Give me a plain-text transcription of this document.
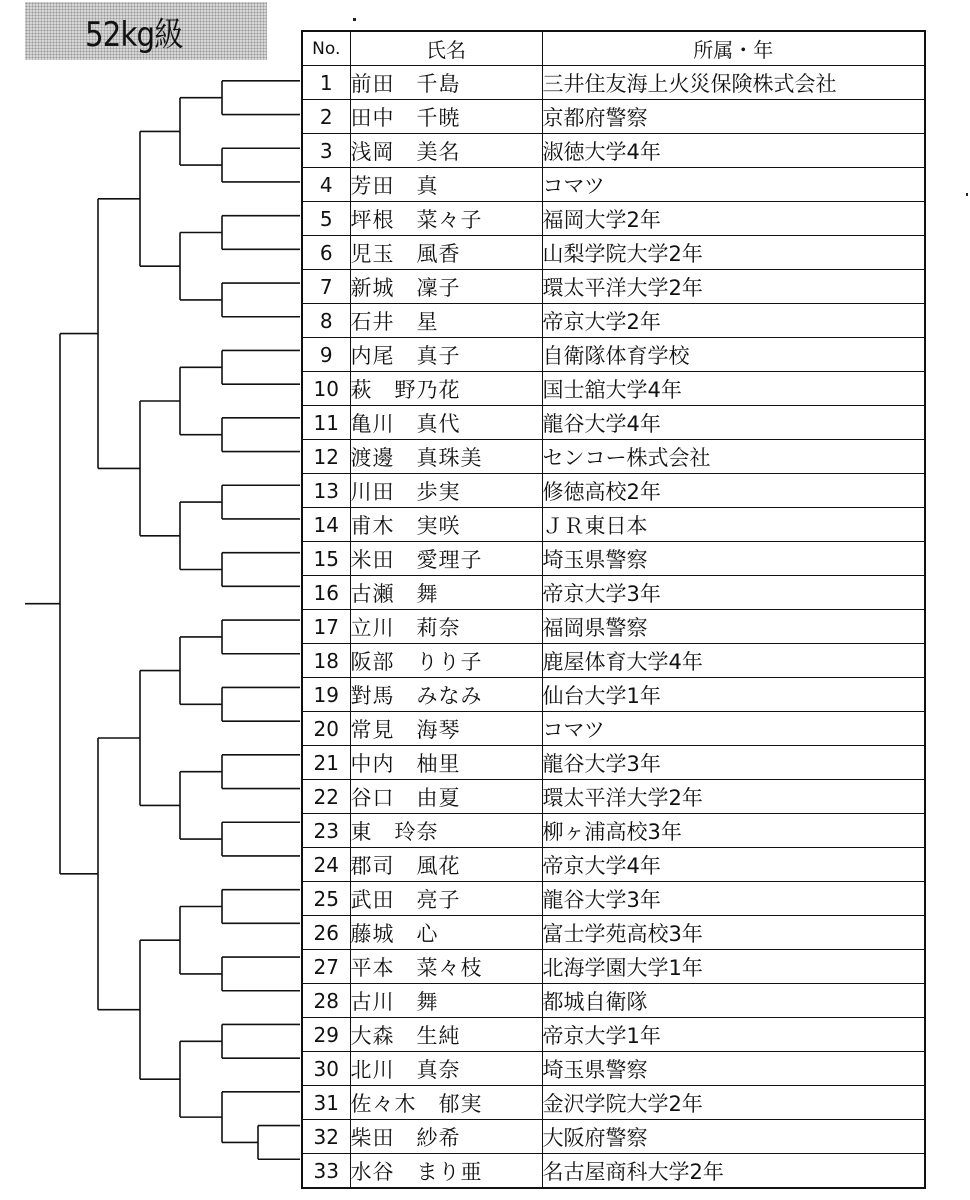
52kg級	No.	氏名	所属・年
1	前田　千島	三井住友海上火災保険株式会社
2	田中　千暁	京都府警察
3	浅岡　美名	淑徳大学4年
4	芳田　真	コマツ
5	坪根　菜々子	福岡大学2年
6	児玉　風香	山梨学院大学2年
7	新城　凜子	環太平洋大学2年
8	石井　星	帝京大学2年
9	内尾　真子	自衛隊体育学校
10	萩　野乃花	国士舘大学4年
11	亀川　真代	龍谷大学4年
12	渡邊　真珠美	センコー株式会社
13	川田　歩実	修徳高校2年
14	甫木　実咲	ＪＲ東日本
15	米田　愛理子	埼玉県警察
16	古瀬　舞	帝京大学3年
17	立川　莉奈	福岡県警察
18	阪部　りり子	鹿屋体育大学4年
19	對馬　みなみ	仙台大学1年
20	常見　海琴	コマツ
21	中内　柚里	龍谷大学3年
22	谷口　由夏	環太平洋大学2年
23	東　玲奈	柳ヶ浦高校3年
24	郡司　風花	帝京大学4年
25	武田　亮子	龍谷大学3年
26	藤城　心	富士学苑高校3年
27	平本　菜々枝	北海学園大学1年
28	古川　舞	都城自衛隊
29	大森　生純	帝京大学1年
30	北川　真奈	埼玉県警察
31	佐々木　郁実	金沢学院大学2年
32	柴田　紗希	大阪府警察
33	水谷　まり亜	名古屋商科大学2年
